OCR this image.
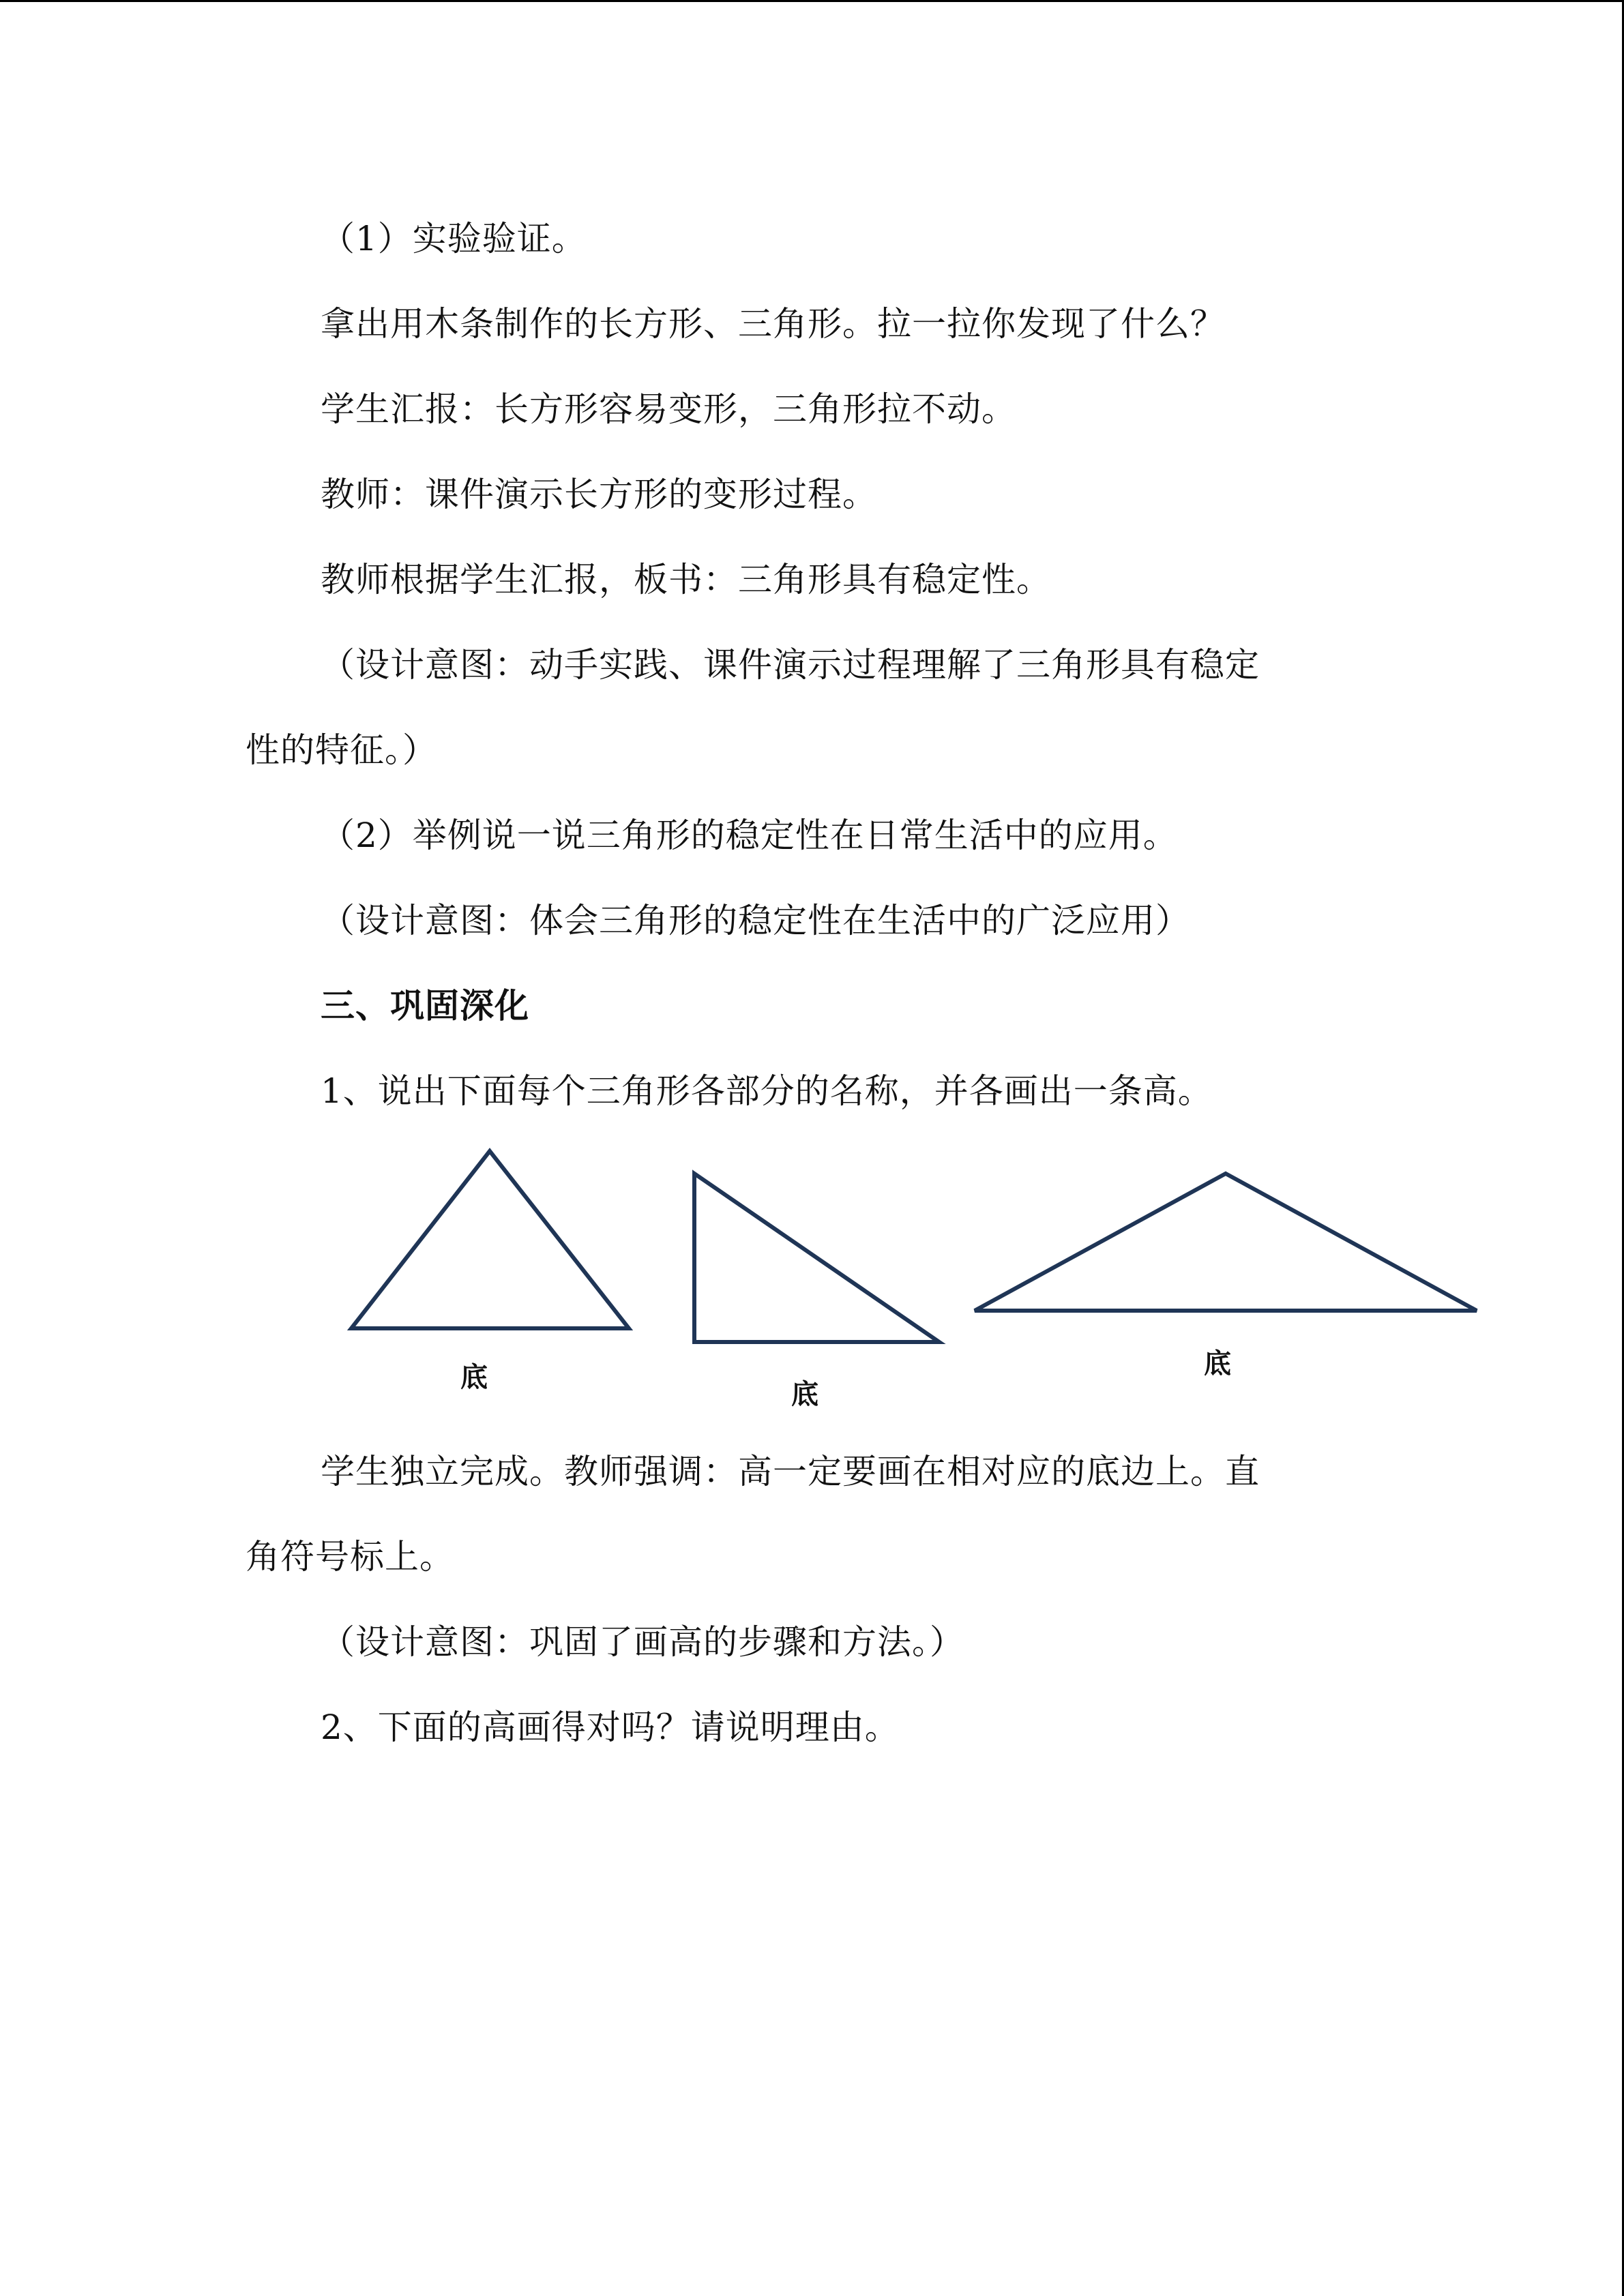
（1）实验验证。
拿出用木条制作的长方形、三角形。拉一拉你发现了什么？
学生汇报：长方形容易变形，三角形拉不动。
教师：课件演示长方形的变形过程。
教师根据学生汇报，板书：三角形具有稳定性。
（设计意图：动手实践、课件演示过程理解了三角形具有稳定
性的特征。）
（2）举例说一说三角形的稳定性在日常生活中的应用。
（设计意图：体会三角形的稳定性在生活中的广泛应用）
三、巩固深化
1、说出下面每个三角形各部分的名称，并各画出一条高。
底
底
底
学生独立完成。教师强调：高一定要画在相对应的底边上。直
角符号标上。
（设计意图：巩固了画高的步骤和方法。）
2、下面的高画得对吗？请说明理由。
